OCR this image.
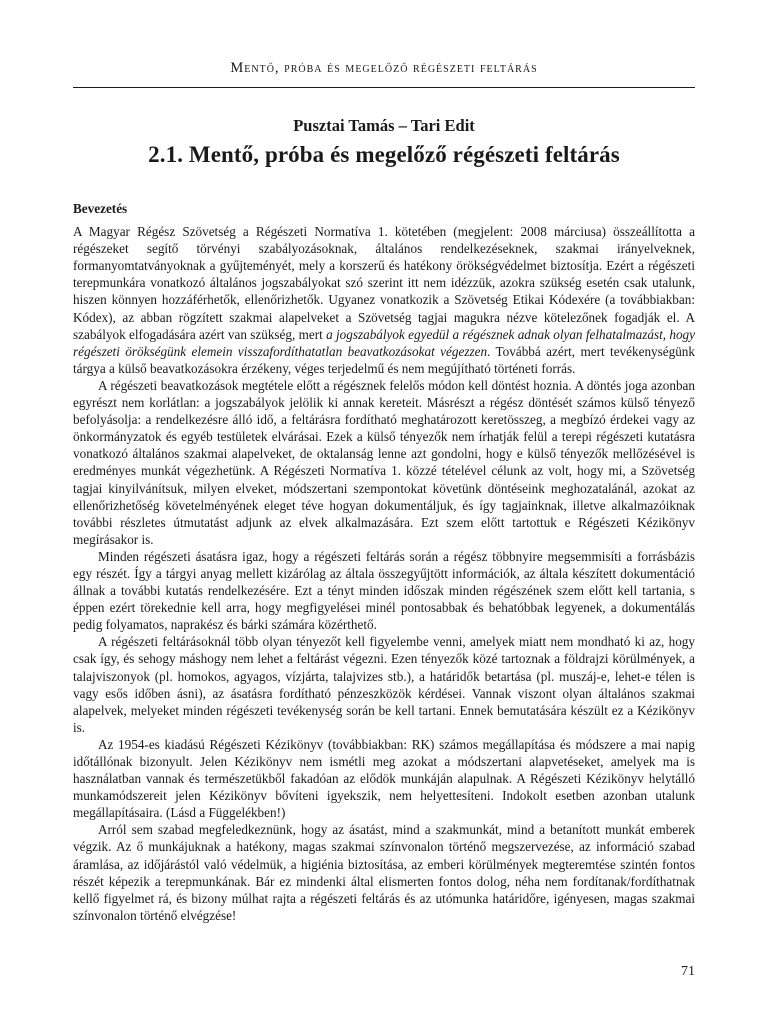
Mentő, próba és megelőző régészeti feltárás
Pusztai Tamás – Tari Edit
2.1. Mentő, próba és megelőző régészeti feltárás
Bevezetés

A Magyar Régész Szövetség a Régészeti Normatíva 1. kötetében (megjelent: 2008 márciusa) összeállította a régészeket segítő törvényi szabályozásoknak, általános rendelkezéseknek, szakmai irányelveknek, formanyomtatványoknak a gyűjteményét, mely a korszerű és hatékony örökségvédelmet biztosítja. Ezért a régészeti terepmunkára vonatkozó általános jogszabályokat szó szerint itt nem idézzük, azokra szükség esetén csak utalunk, hiszen könnyen hozzáférhetők, ellenőrizhetők. Ugyanez vonatkozik a Szövetség Etikai Kódexére (a továbbiakban: Kódex), az abban rögzített szakmai alapelveket a Szövetség tagjai magukra nézve kötelezőnek fogadják el. A szabályok elfogadására azért van szükség, mert a jogszabályok egyedül a régésznek adnak olyan felhatalmazást, hogy régészeti örökségünk elemein visszafordíthatatlan beavatkozásokat végezzen. Továbbá azért, mert tevékenységünk tárgya a külső beavatkozásokra érzékeny, véges terjedelmű és nem megújítható történeti forrás.

A régészeti beavatkozások megtétele előtt a régésznek felelős módon kell döntést hoznia. A döntés joga azonban egyrészt nem korlátlan: a jogszabályok jelölik ki annak kereteit. Másrészt a régész döntését számos külső tényező befolyásolja: a rendelkezésre álló idő, a feltárásra fordítható meghatározott keretösszeg, a megbízó érdekei vagy az önkormányzatok és egyéb testületek elvárásai. Ezek a külső tényezők nem írhatják felül a terepi régészeti kutatásra vonatkozó általános szakmai alapelveket, de oktalanság lenne azt gondolni, hogy e külső tényezők mellőzésével is eredményes munkát végezhetünk. A Régészeti Normatíva 1. közzé tételével célunk az volt, hogy mi, a Szövetség tagjai kinyilvánítsuk, milyen elveket, módszertani szempontokat követünk döntéseink meghozatalánál, azokat az ellenőrizhetőség követelményének eleget téve hogyan dokumentáljuk, és így tagjainknak, illetve alkalmazóiknak további részletes útmutatást adjunk az elvek alkalmazására. Ezt szem előtt tartottuk e Régészeti Kézikönyv megírásakor is.

Minden régészeti ásatásra igaz, hogy a régészeti feltárás során a régész többnyire megsemmisíti a forrásbázis egy részét. Így a tárgyi anyag mellett kizárólag az általa összegyűjtött információk, az általa készített dokumentáció állnak a további kutatás rendelkezésére. Ezt a tényt minden időszak minden régészének szem előtt kell tartania, s éppen ezért törekednie kell arra, hogy megfigyelései minél pontosabbak és behatóbbak legyenek, a dokumentálás pedig folyamatos, naprakész és bárki számára közérthető.

A régészeti feltárásoknál több olyan tényezőt kell figyelembe venni, amelyek miatt nem mondható ki az, hogy csak így, és sehogy máshogy nem lehet a feltárást végezni. Ezen tényezők közé tartoznak a földrajzi körülmények, a talajviszonyok (pl. homokos, agyagos, vízjárta, talajvizes stb.), a határidők betartása (pl. muszáj-e, lehet-e télen is vagy esős időben ásni), az ásatásra fordítható pénzeszközök kérdései. Vannak viszont olyan általános szakmai alapelvek, melyeket minden régészeti tevékenység során be kell tartani. Ennek bemutatására készült ez a Kézikönyv is.

Az 1954-es kiadású Régészeti Kézikönyv (továbbiakban: RK) számos megállapítása és módszere a mai napig időtállónak bizonyult. Jelen Kézikönyv nem ismétli meg azokat a módszertani alapvetéseket, amelyek ma is használatban vannak és természetükből fakadóan az elődök munkáján alapulnak. A Régészeti Kézikönyv helytálló munkamódszereit jelen Kézikönyv bővíteni igyekszik, nem helyettesíteni. Indokolt esetben azonban utalunk megállapításaira. (Lásd a Függelékben!)

Arról sem szabad megfeledkeznünk, hogy az ásatást, mind a szakmunkát, mind a betanított munkát emberek végzik. Az ő munkájuknak a hatékony, magas szakmai színvonalon történő megszervezése, az információ szabad áramlása, az időjárástól való védelmük, a higiénia biztosítása, az emberi körülmények megteremtése szintén fontos részét képezik a terepmunkának. Bár ez mindenki által elismerten fontos dolog, néha nem fordítanak/fordíthatnak kellő figyelmet rá, és bizony múlhat rajta a régészeti feltárás és az utómunka határidőre, igényesen, magas szakmai színvonalon történő elvégzése!

71
